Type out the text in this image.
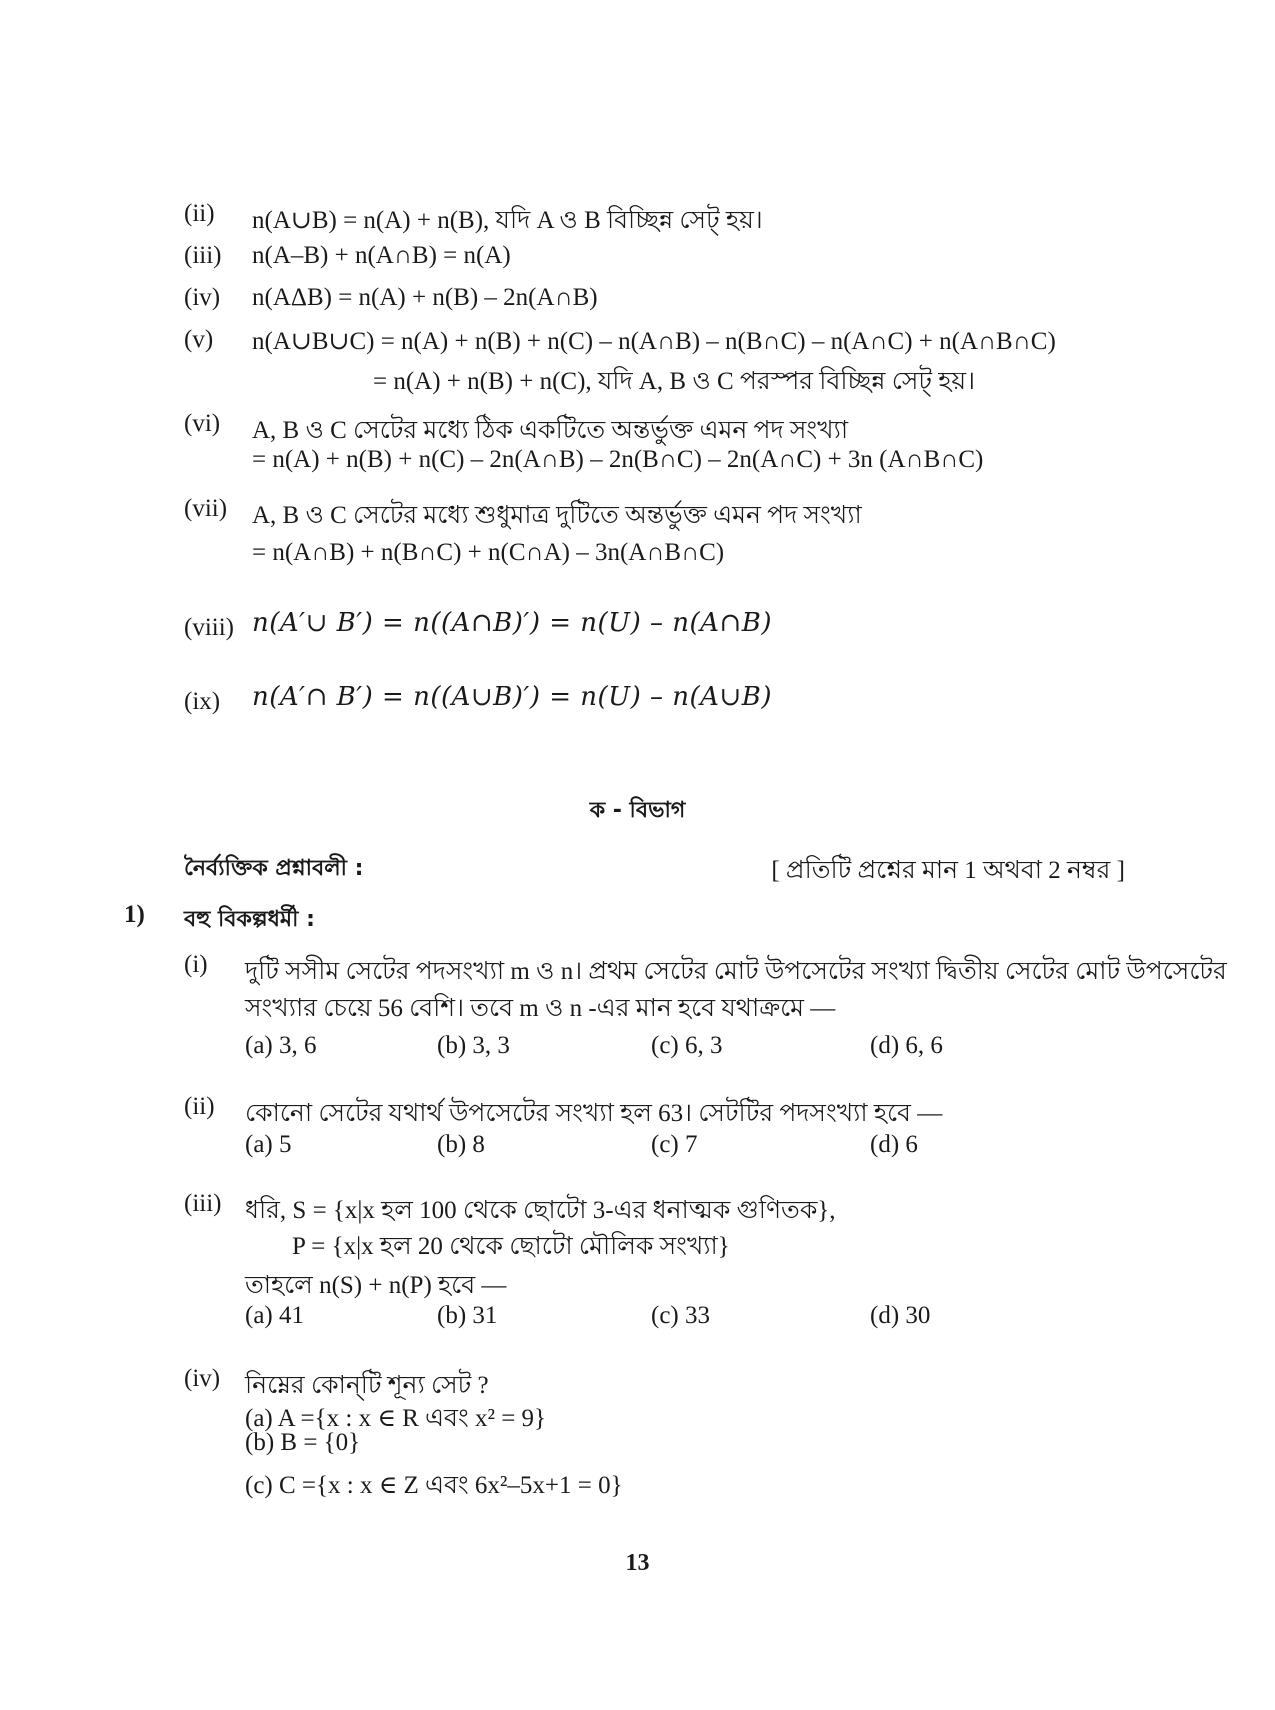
(ii) n(A∪B) = n(A) + n(B), যদি A ও B বিচ্ছিন্ন সেট্ হয়।
(iii) n(A–B) + n(A∩B) = n(A)
(iv) n(AΔB) = n(A) + n(B) – 2n(A∩B)
(v) n(A∪B∪C) = n(A) + n(B) + n(C) – n(A∩B) – n(B∩C) – n(A∩C) + n(A∩B∩C)
= n(A) + n(B) + n(C), যদি A, B ও C পরস্পর বিচ্ছিন্ন সেট্ হয়।
(vi) A, B ও C সেটের মধ্যে ঠিক একটিতে অন্তর্ভুক্ত এমন পদ সংখ্যা
= n(A) + n(B) + n(C) – 2n(A∩B) – 2n(B∩C) – 2n(A∩C) + 3n (A∩B∩C)
(vii) A, B ও C সেটের মধ্যে শুধুমাত্র দুটিতে অন্তর্ভুক্ত এমন পদ সংখ্যা
= n(A∩B) + n(B∩C) + n(C∩A) – 3n(A∩B∩C)
(viii) n(A′∪ B′) = n((A∩B)′) = n(U) – n(A∩B)
(ix) n(A′∩ B′) = n((A∪B)′) = n(U) – n(A∪B)
ক - বিভাগ
নৈর্ব্যক্তিক প্রশ্নাবলী :	[ প্রতিটি প্রশ্নের মান 1 অথবা 2 নম্বর ]
1) বহু বিকল্পধর্মী :
(i) দুটি সসীম সেটের পদসংখ্যা m ও n। প্রথম সেটের মোট উপসেটের সংখ্যা দ্বিতীয় সেটের মোট উপসেটের
সংখ্যার চেয়ে 56 বেশি। তবে m ও n -এর মান হবে যথাক্রমে —
(a) 3, 6	(b) 3, 3	(c) 6, 3	(d) 6, 6
(ii) কোনো সেটের যথার্থ উপসেটের সংখ্যা হল 63। সেটটির পদসংখ্যা হবে —
(a) 5	(b) 8	(c) 7	(d) 6
(iii) ধরি, S = {x|x হল 100 থেকে ছোটো 3-এর ধনাত্মক গুণিতক},
P = {x|x হল 20 থেকে ছোটো মৌলিক সংখ্যা}
তাহলে n(S) + n(P) হবে —
(a) 41	(b) 31	(c) 33	(d) 30
(iv) নিম্নের কোন্‌টি শূন্য সেট ?
(a) A ={x : x ∈ R এবং x² = 9}
(b) B = {0}
(c) C ={x : x ∈ Z এবং 6x²–5x+1 = 0}
13
